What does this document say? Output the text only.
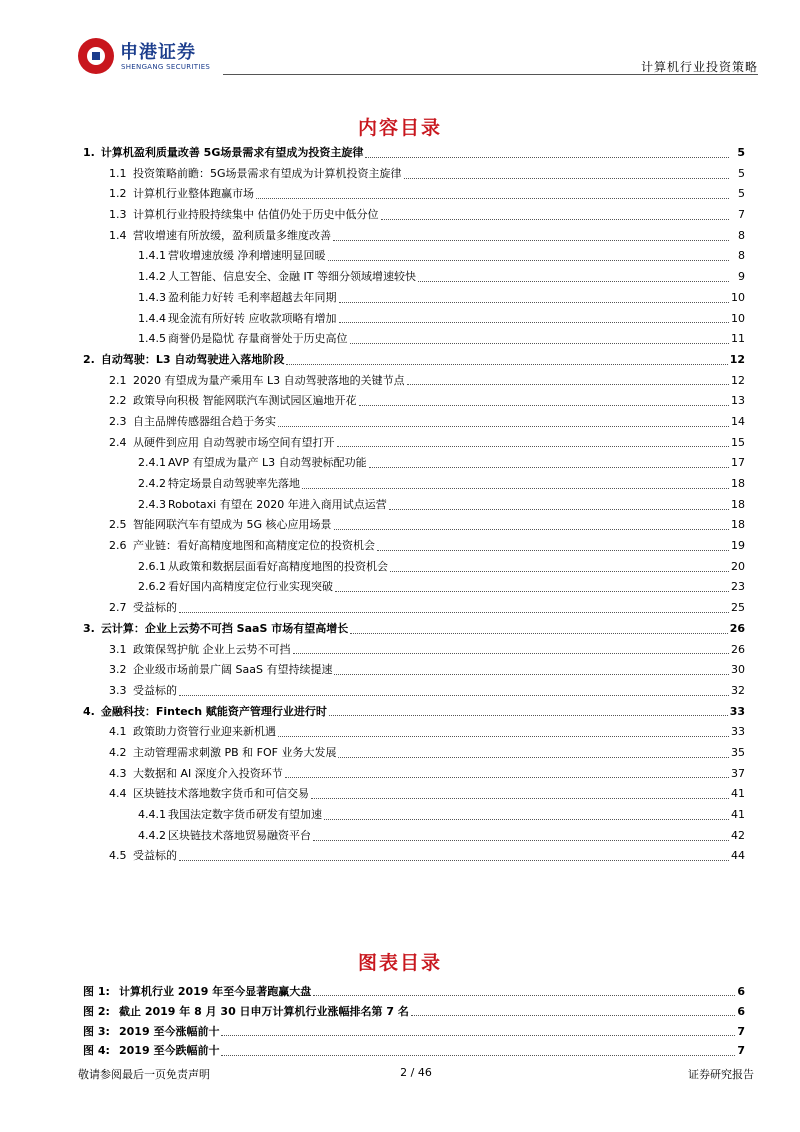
申港证券
SHENGANG SECURITIES	计算机行业投资策略
内容目录
1. 计算机盈利质量改善 5G场景需求有望成为投资主旋律	5
1.1 投资策略前瞻：5G场景需求有望成为计算机投资主旋律	5
1.2 计算机行业整体跑赢市场	5
1.3 计算机行业持股持续集中 估值仍处于历史中低分位	7
1.4 营收增速有所放缓，盈利质量多维度改善	8
1.4.1 营收增速放缓 净利增速明显回暖	8
1.4.2 人工智能、信息安全、金融 IT 等细分领域增速较快	9
1.4.3 盈利能力好转 毛利率超越去年同期	10
1.4.4 现金流有所好转 应收款项略有增加	10
1.4.5 商誉仍是隐忧 存量商誉处于历史高位	11
2. 自动驾驶：L3 自动驾驶进入落地阶段	12
2.1 2020 有望成为量产乘用车 L3 自动驾驶落地的关键节点	12
2.2 政策导向积极 智能网联汽车测试园区遍地开花	13
2.3 自主品牌传感器组合趋于务实	14
2.4 从硬件到应用 自动驾驶市场空间有望打开	15
2.4.1 AVP 有望成为量产 L3 自动驾驶标配功能	17
2.4.2 特定场景自动驾驶率先落地	18
2.4.3 Robotaxi 有望在 2020 年进入商用试点运营	18
2.5 智能网联汽车有望成为 5G 核心应用场景	18
2.6 产业链：看好高精度地图和高精度定位的投资机会	19
2.6.1 从政策和数据层面看好高精度地图的投资机会	20
2.6.2 看好国内高精度定位行业实现突破	23
2.7 受益标的	25
3. 云计算：企业上云势不可挡 SaaS 市场有望高增长	26
3.1 政策保驾护航 企业上云势不可挡	26
3.2 企业级市场前景广阔 SaaS 有望持续提速	30
3.3 受益标的	32
4. 金融科技：Fintech 赋能资产管理行业进行时	33
4.1 政策助力资管行业迎来新机遇	33
4.2 主动管理需求刺激 PB 和 FOF 业务大发展	35
4.3 大数据和 AI 深度介入投资环节	37
4.4 区块链技术落地数字货币和可信交易	41
4.4.1 我国法定数字货币研发有望加速	41
4.4.2 区块链技术落地贸易融资平台	42
4.5 受益标的	44
图表目录
图 1: 计算机行业 2019 年至今显著跑赢大盘	6
图 2: 截止 2019 年 8 月 30 日申万计算机行业涨幅排名第 7 名	6
图 3: 2019 至今涨幅前十	7
图 4: 2019 至今跌幅前十	7
敬请参阅最后一页免责声明	2 / 46	证券研究报告
